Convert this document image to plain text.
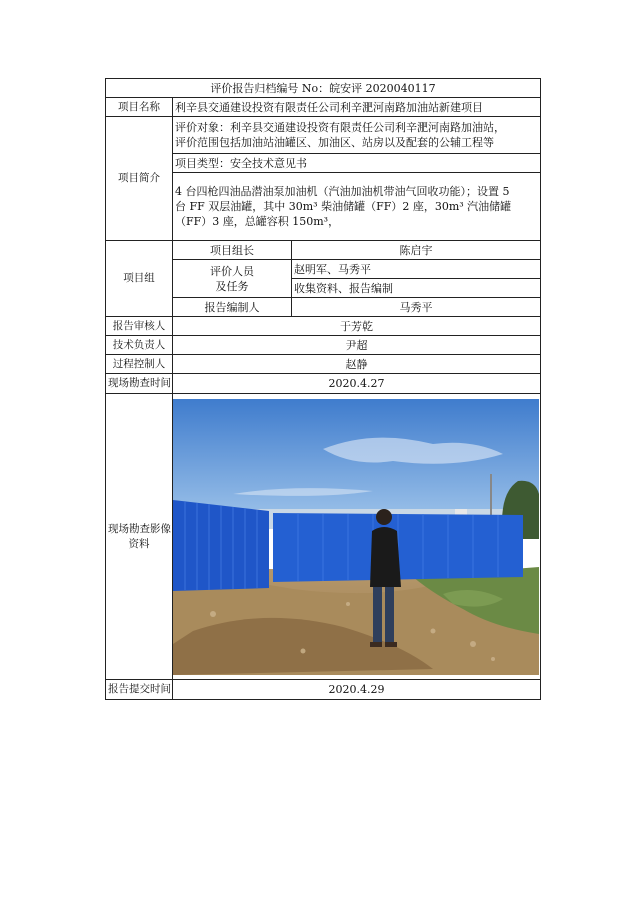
评价报告归档编号 No：皖安评 2020040117		
项目名称	利辛县交通建设投资有限责任公司利辛淝河南路加油站新建项目	
项目简介	评价对象：利辛县交通建设投资有限责任公司利辛淝河南路加油站，
评价范围包括加油站油罐区、加油区、站房以及配套的公辅工程等	

	项目类型：安全技术意见书	

	4 台四枪四油品潜油泵加油机（汽油加油机带油气回收功能）；设置 5
台 FF 双层油罐，其中 30m³ 柴油储罐（FF）2 座，30m³ 汽油储罐
（FF）3 座，总罐容积 150m³，	

项目组	项目组长	陈启宇

	评价人员
及任务	赵明军、马秀平
		收集资料、报告编制
	报告编制人	马秀平
报告审核人	于芳乾	
技术负责人	尹超	
过程控制人	赵静	
现场勘查时间	2020.4.27	

现场勘查影像
资料

报告提交时间	2020.4.29	
